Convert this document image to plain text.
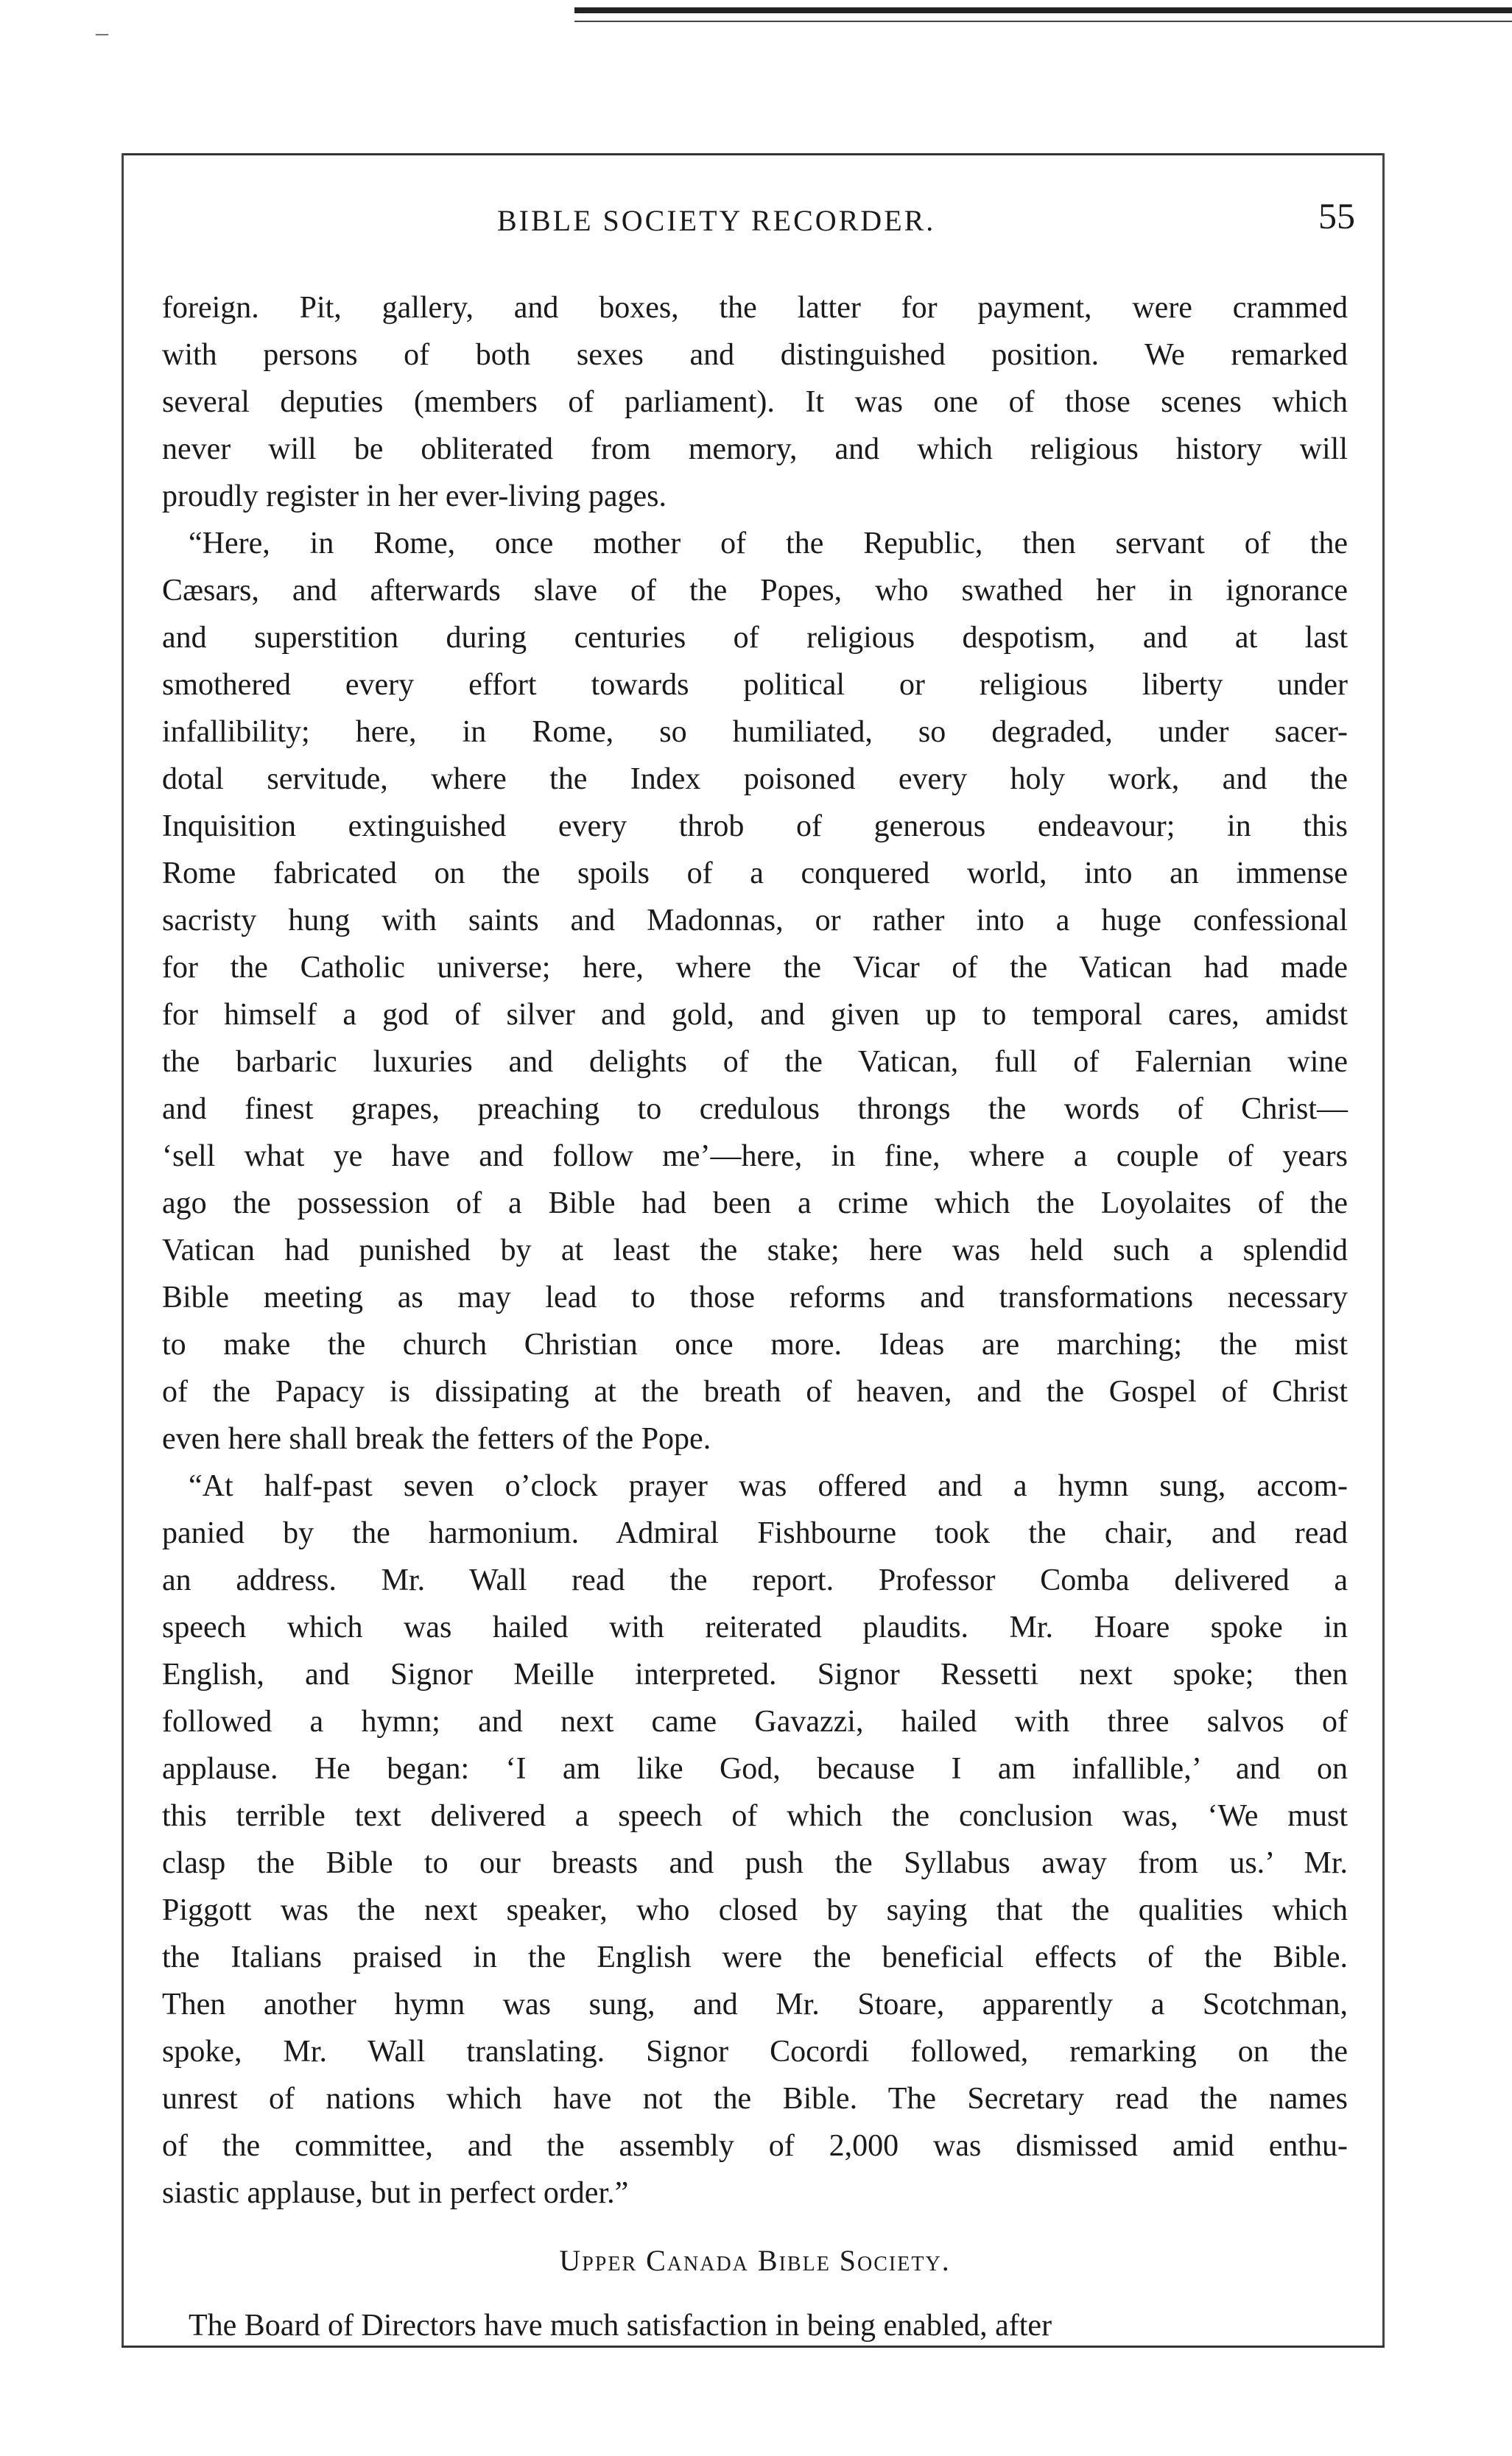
–
BIBLE SOCIETY RECORDER.	55
foreign. Pit, gallery, and boxes, the latter for payment, were crammed
with persons of both sexes and distinguished position. We remarked
several deputies (members of parliament). It was one of those scenes which
never will be obliterated from memory, and which religious history will
proudly register in her ever-living pages.
“Here, in Rome, once mother of the Republic, then servant of the
Cæsars, and afterwards slave of the Popes, who swathed her in ignorance
and superstition during centuries of religious despotism, and at last
smothered every effort towards political or religious liberty under
infallibility; here, in Rome, so humiliated, so degraded, under sacer-
dotal servitude, where the Index poisoned every holy work, and the
Inquisition extinguished every throb of generous endeavour; in this
Rome fabricated on the spoils of a conquered world, into an immense
sacristy hung with saints and Madonnas, or rather into a huge confessional
for the Catholic universe; here, where the Vicar of the Vatican had made
for himself a god of silver and gold, and given up to temporal cares, amidst
the barbaric luxuries and delights of the Vatican, full of Falernian wine
and finest grapes, preaching to credulous throngs the words of Christ—
‘sell what ye have and follow me’—here, in fine, where a couple of years
ago the possession of a Bible had been a crime which the Loyolaites of the
Vatican had punished by at least the stake; here was held such a splendid
Bible meeting as may lead to those reforms and transformations necessary
to make the church Christian once more. Ideas are marching; the mist
of the Papacy is dissipating at the breath of heaven, and the Gospel of Christ
even here shall break the fetters of the Pope.
“At half-past seven o’clock prayer was offered and a hymn sung, accom-
panied by the harmonium. Admiral Fishbourne took the chair, and read
an address. Mr. Wall read the report. Professor Comba delivered a
speech which was hailed with reiterated plaudits. Mr. Hoare spoke in
English, and Signor Meille interpreted. Signor Ressetti next spoke; then
followed a hymn; and next came Gavazzi, hailed with three salvos of
applause. He began: ‘I am like God, because I am infallible,’ and on
this terrible text delivered a speech of which the conclusion was, ‘We must
clasp the Bible to our breasts and push the Syllabus away from us.’ Mr.
Piggott was the next speaker, who closed by saying that the qualities which
the Italians praised in the English were the beneficial effects of the Bible.
Then another hymn was sung, and Mr. Stoare, apparently a Scotchman,
spoke, Mr. Wall translating. Signor Cocordi followed, remarking on the
unrest of nations which have not the Bible. The Secretary read the names
of the committee, and the assembly of 2,000 was dismissed amid enthu-
siastic applause, but in perfect order.”
Upper Canada Bible Society.
The Board of Directors have much satisfaction in being enabled, after
